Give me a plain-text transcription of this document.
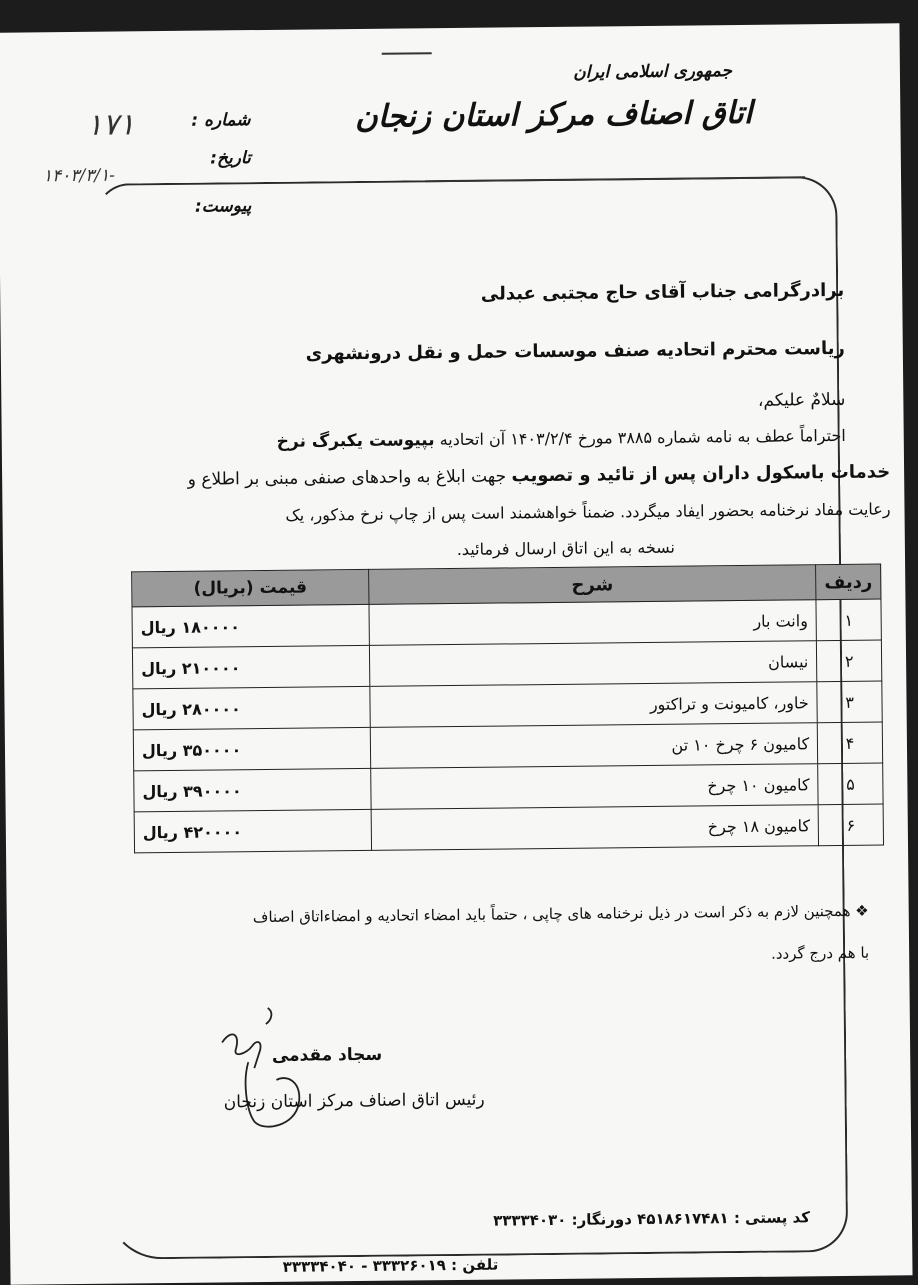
جمهوری اسلامی ایران
اتاق اصناف مرکز استان زنجان
شماره :
۱۷۱
تاریخ:
۱۴۰۳/۳/۱-
پیوست:
برادرگرامی جناب آقای حاج مجتبی عبدلی
ریاست محترم اتحادیه صنف موسسات حمل و نقل درونشهری
سلامٌ علیکم،
احتراماً عطف به نامه شماره ۳۸۸۵ مورخ ۱۴۰۳/۲/۴ آن اتحادیه بپیوست یکبرگ نرخ
خدمات باسکول داران پس از تائید و تصویب جهت ابلاغ به واحدهای صنفی مبنی بر اطلاع و
رعایت مفاد نرخنامه بحضور ایفاد میگردد. ضمناً خواهشمند است پس از چاپ نرخ مذکور، یک
نسخه به این اتاق ارسال فرمائید.
ردیف	شرح	قیمت (بریال)
۱	وانت بار	۱۸۰۰۰۰ ریال
۲	نیسان	۲۱۰۰۰۰ ریال
۳	خاور، کامیونت و تراکتور	۲۸۰۰۰۰ ریال
۴	کامیون ۶ چرخ ۱۰ تن	۳۵۰۰۰۰ ریال
۵	کامیون ۱۰ چرخ	۳۹۰۰۰۰ ریال
۶	کامیون ۱۸ چرخ	۴۲۰۰۰۰ ریال
❖ همچنین لازم به ذکر است در ذیل نرخنامه های چاپی ، حتماً باید امضاء اتحادیه و امضاءاتاق اصناف
با هم درج گردد.
سجاد مقدمی
رئیس اتاق اصناف مرکز استان زنجان
کد پستی : ۴۵۱۸۶۱۷۴۸۱ دورنگار: ۳۳۳۳۴۰۳۰
تلفن : ۳۳۳۲۶۰۱۹ - ۳۳۳۳۴۰۴۰
